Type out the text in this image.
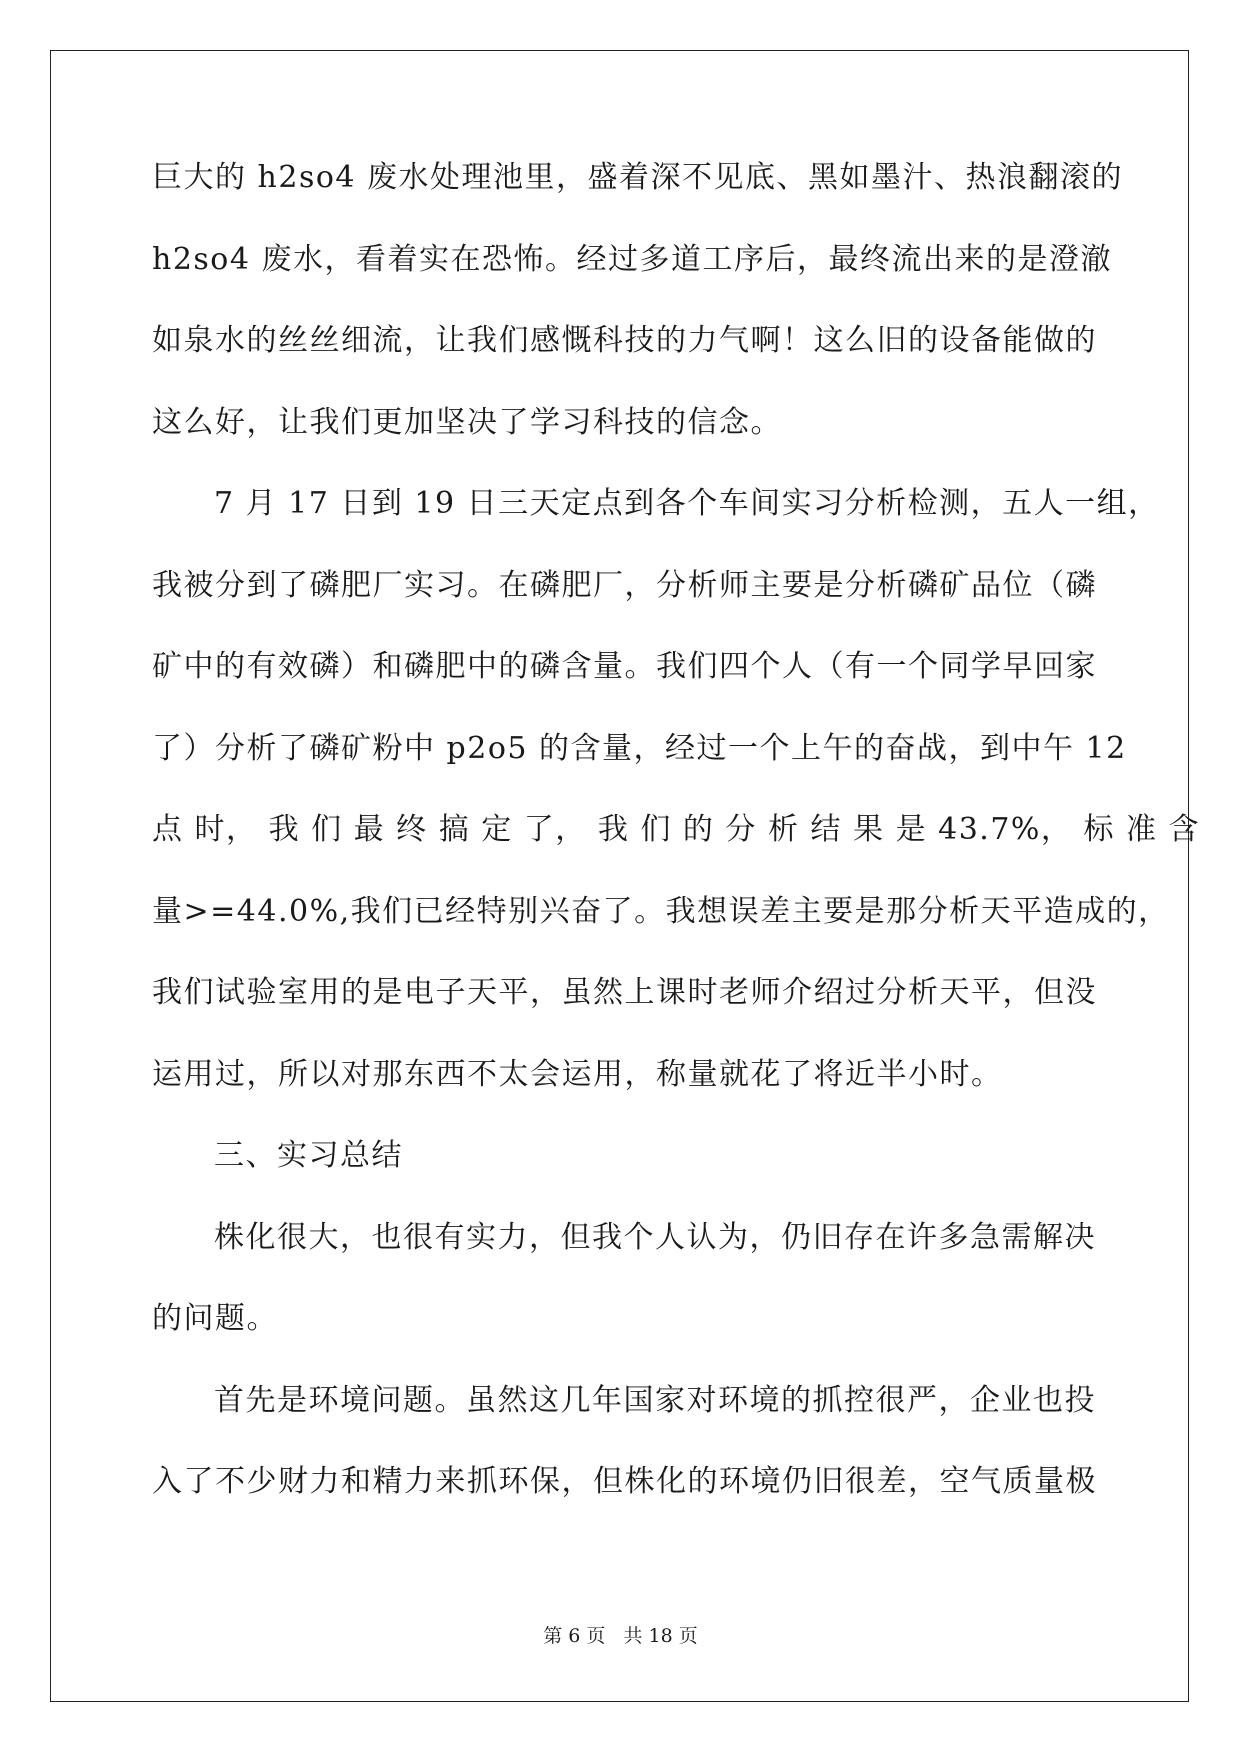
巨大的 h2so4 废水处理池里，盛着深不见底、黑如墨汁、热浪翻滚的
h2so4 废水，看着实在恐怖。经过多道工序后，最终流出来的是澄澈
如泉水的丝丝细流，让我们感慨科技的力气啊！这么旧的设备能做的
这么好，让我们更加坚决了学习科技的信念。
7 月 17 日到 19 日三天定点到各个车间实习分析检测，五人一组，
我被分到了磷肥厂实习。在磷肥厂，分析师主要是分析磷矿品位（磷
矿中的有效磷）和磷肥中的磷含量。我们四个人（有一个同学早回家
了）分析了磷矿粉中 p2o5 的含量，经过一个上午的奋战，到中午 12
点 时， 我 们 最 终 搞 定 了， 我 们 的 分 析 结 果 是 43.7%， 标 准 含
量>=44.0%,我们已经特别兴奋了。我想误差主要是那分析天平造成的，
我们试验室用的是电子天平，虽然上课时老师介绍过分析天平，但没
运用过，所以对那东西不太会运用，称量就花了将近半小时。
三、实习总结
株化很大，也很有实力，但我个人认为，仍旧存在许多急需解决
的问题。
首先是环境问题。虽然这几年国家对环境的抓控很严，企业也投
入了不少财力和精力来抓环保，但株化的环境仍旧很差，空气质量极
第 6 页 共 18 页
